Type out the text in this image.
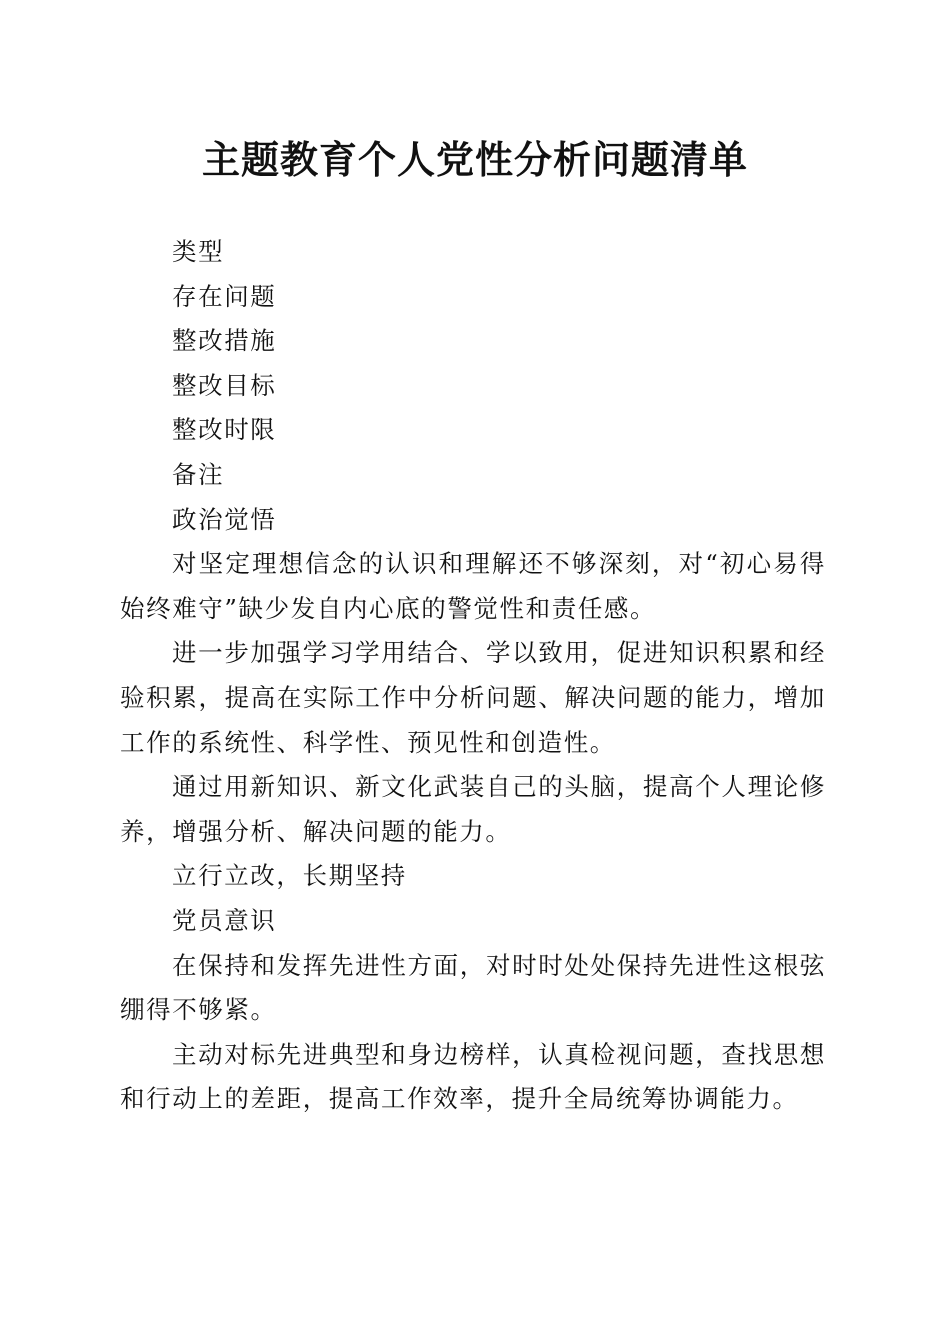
主题教育个人党性分析问题清单

类型

存在问题

整改措施

整改目标

整改时限

备注

政治觉悟

对坚定理想信念的认识和理解还不够深刻，对“初心易得始终难守”缺少发自内心底的警觉性和责任感。

进一步加强学习学用结合、学以致用，促进知识积累和经验积累，提高在实际工作中分析问题、解决问题的能力，增加工作的系统性、科学性、预见性和创造性。

通过用新知识、新文化武装自己的头脑，提高个人理论修养，增强分析、解决问题的能力。

立行立改，长期坚持

党员意识

在保持和发挥先进性方面，对时时处处保持先进性这根弦绷得不够紧。

主动对标先进典型和身边榜样，认真检视问题，查找思想和行动上的差距，提高工作效率，提升全局统筹协调能力。
